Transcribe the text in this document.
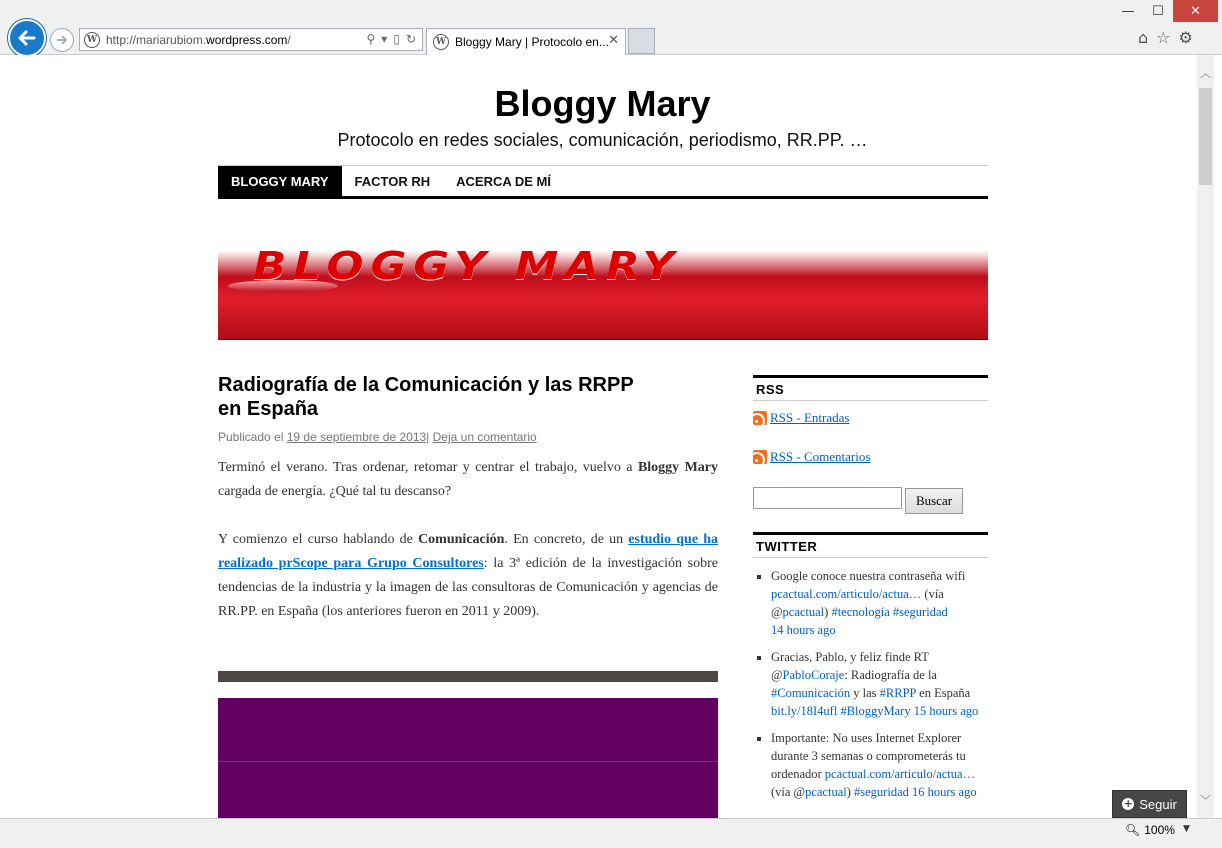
W http://mariarubiom.wordpress.com/	⚲ ▾ ▯ ↻	W Bloggy Mary | Protocolo en... ✕
—	☐	✕
⌂ ☆ ⚙
Bloggy Mary
Protocolo en redes sociales, comunicación, periodismo, RR.PP. …
BLOGGY MARY	FACTOR RH	ACERCA DE MÍ
BLOGGY MARY
Radiografía de la Comunicación y las RRPP en España
Publicado el 19 de septiembre de 2013| Deja un comentario

Terminó el verano. Tras ordenar, retomar y centrar el trabajo, vuelvo a Bloggy Mary cargada de energía. ¿Qué tal tu descanso?

Y comienzo el curso hablando de Comunicación. En concreto, de un estudio que ha realizado prScope para Grupo Consultores: la 3ª edición de la investigación sobre tendencias de la industria y la imagen de las consultoras de Comunicación y agencias de RR.PP. en España (los anteriores fueron en 2011 y 2009).

RSS
RSS - Entradas
RSS - Comentarios
Buscar
TWITTER
▪ Google conoce nuestra contraseña wifi pcactual.com/articulo/actua… (vía @pcactual) #tecnología #seguridad
14 hours ago
▪ Gracias, Pablo, y feliz finde RT @PabloCoraje: Radiografía de la #Comunicación y las #RRPP en España bit.ly/18I4ufl #BloggyMary 15 hours ago
▪ Importante: No uses Internet Explorer durante 3 semanas o comprometerás tu ordenador pcactual.com/articulo/actua… (vía @pcactual) #seguridad 16 hours ago
︿
﹀
+ Seguir
🔍︎ 100% ▼
